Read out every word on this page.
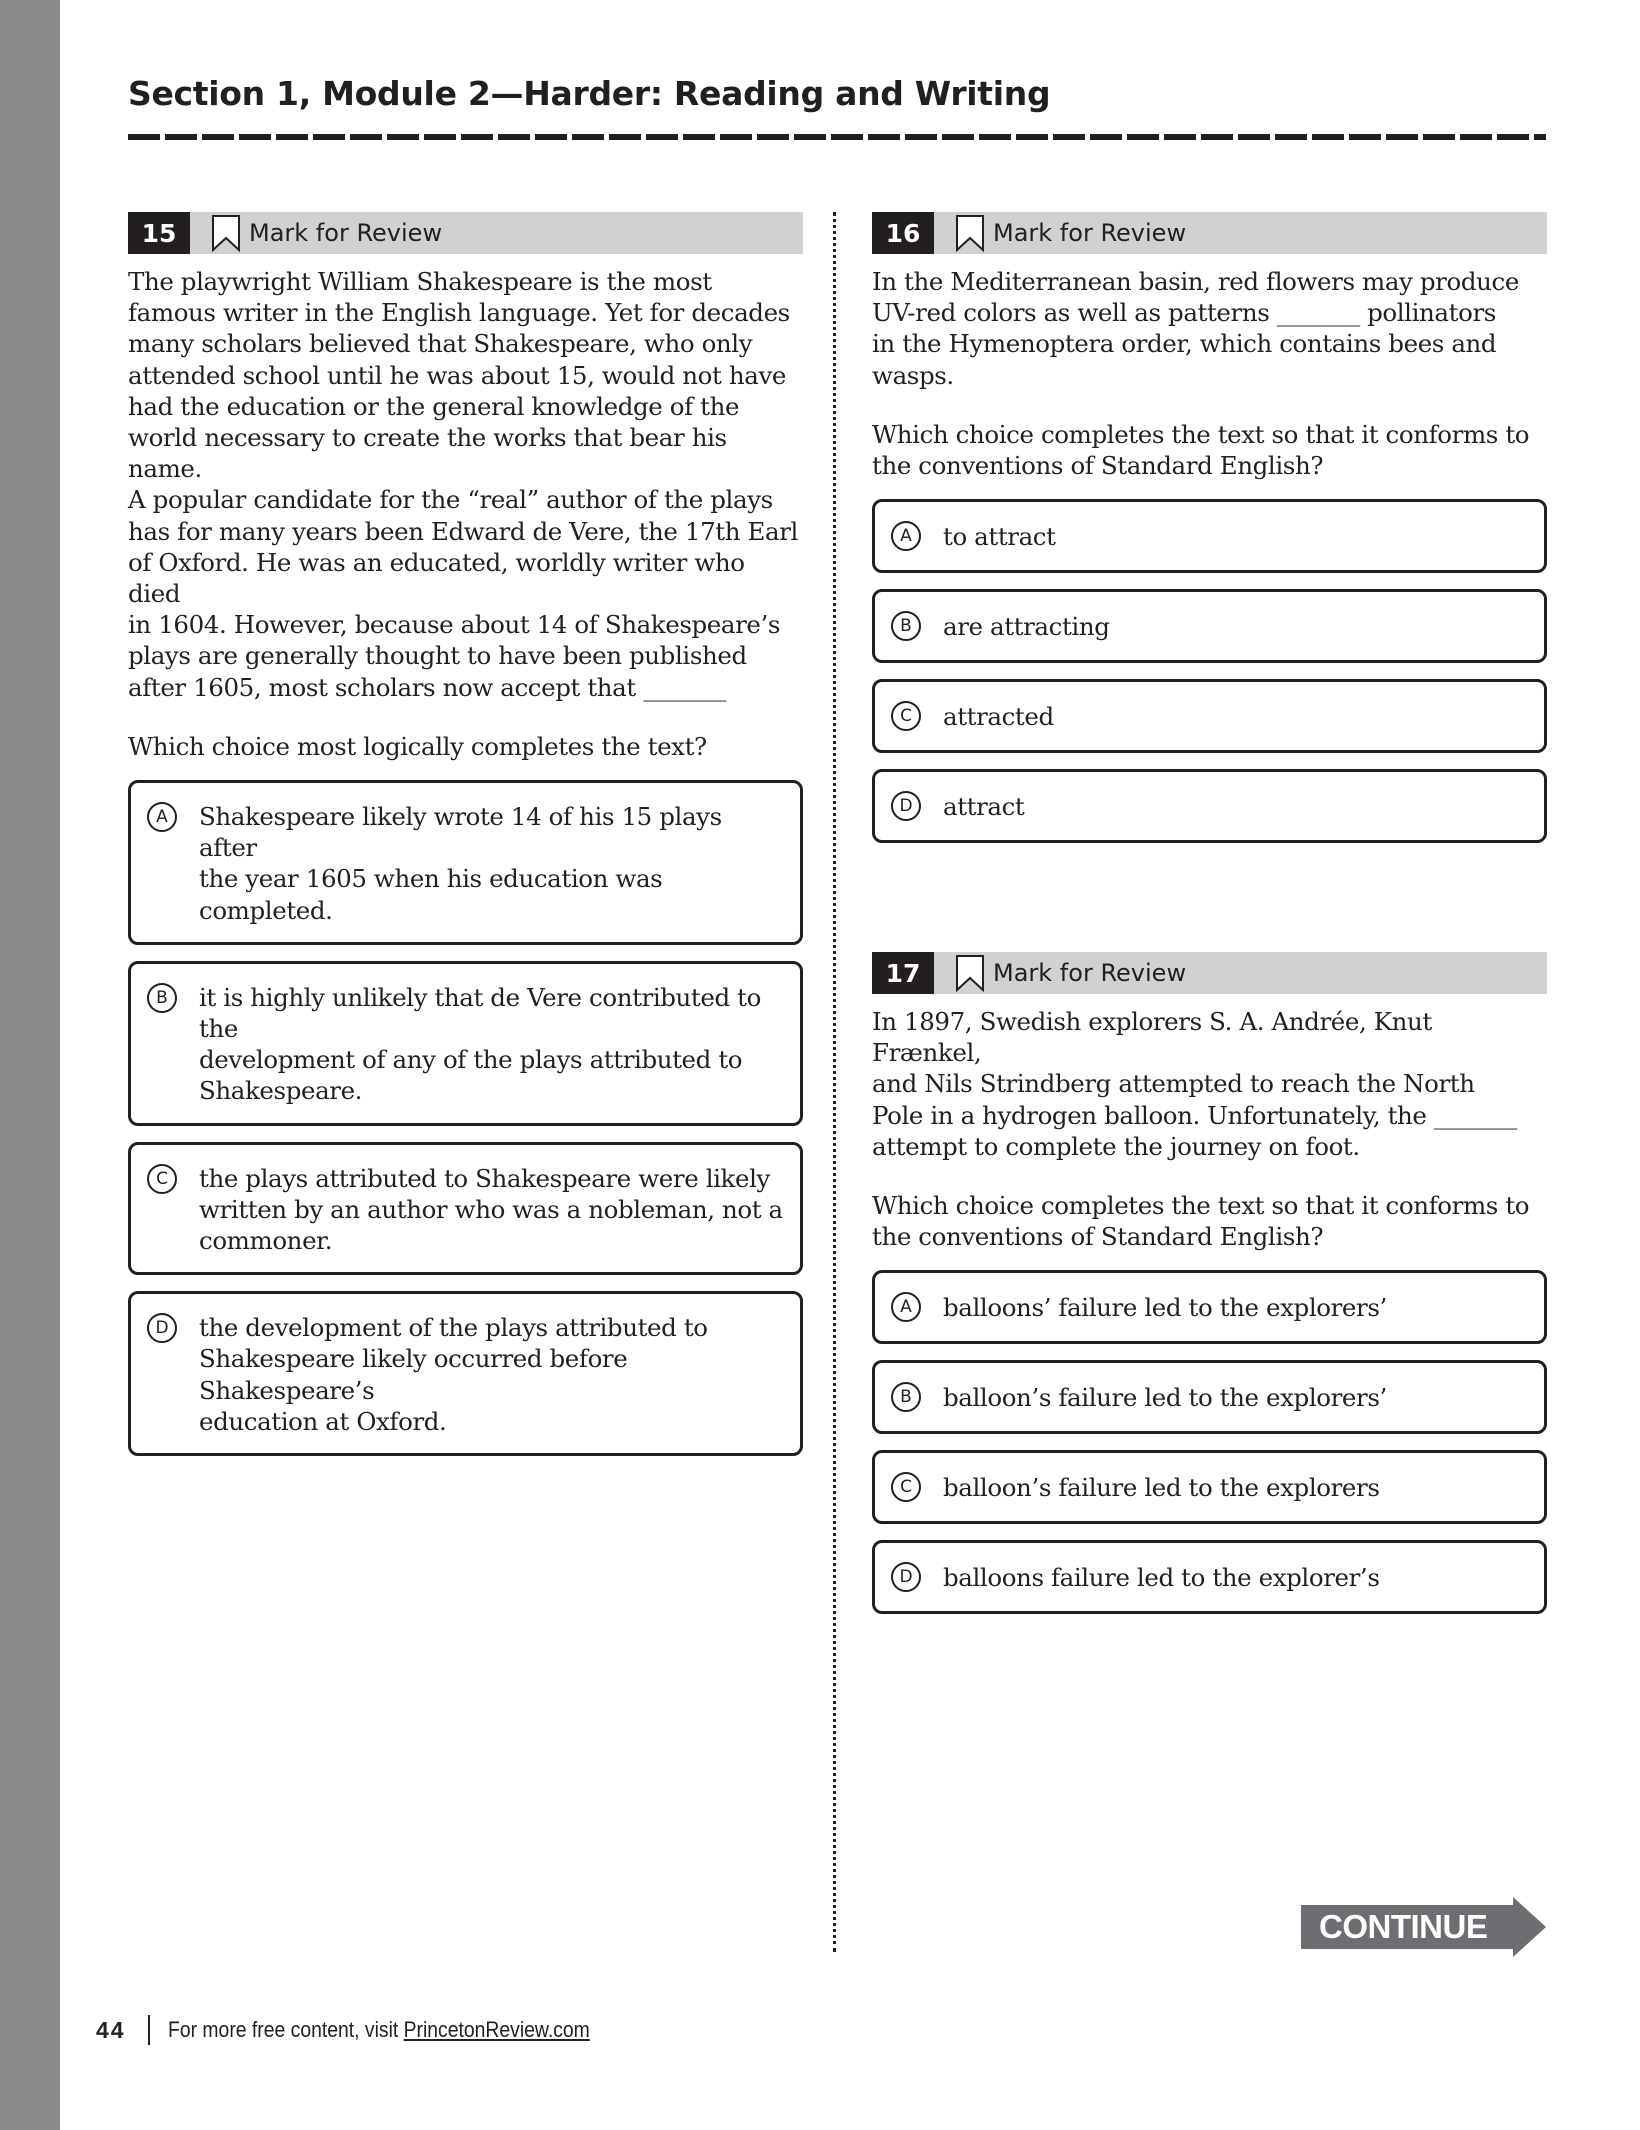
Section 1, Module 2—Harder: Reading and Writing
15	Mark for Review

The playwright William Shakespeare is the most
famous writer in the English language. Yet for decades
many scholars believed that Shakespeare, who only
attended school until he was about 15, would not have
had the education or the general knowledge of the
world necessary to create the works that bear his name.
A popular candidate for the “real” author of the plays
has for many years been Edward de Vere, the 17th Earl
of Oxford. He was an educated, worldly writer who died
in 1604. However, because about 14 of Shakespeare’s
plays are generally thought to have been published
after 1605, most scholars now accept that _______

Which choice most logically completes the text?

A	Shakespeare likely wrote 14 of his 15 plays after
the year 1605 when his education was completed.
B	it is highly unlikely that de Vere contributed to the
development of any of the plays attributed to
Shakespeare.
C	the plays attributed to Shakespeare were likely
written by an author who was a nobleman, not a
commoner.
D	the development of the plays attributed to
Shakespeare likely occurred before Shakespeare’s
education at Oxford.
16	Mark for Review

In the Mediterranean basin, red flowers may produce
UV-red colors as well as patterns _______ pollinators
in the Hymenoptera order, which contains bees and
wasps.

Which choice completes the text so that it conforms to
the conventions of Standard English?

A	to attract
B	are attracting
C	attracted
D	attract
17	Mark for Review

In 1897, Swedish explorers S. A. Andrée, Knut Frænkel,
and Nils Strindberg attempted to reach the North
Pole in a hydrogen balloon. Unfortunately, the _______
attempt to complete the journey on foot.

Which choice completes the text so that it conforms to
the conventions of Standard English?

A	balloons’ failure led to the explorers’
B	balloon’s failure led to the explorers’
C	balloon’s failure led to the explorers
D	balloons failure led to the explorer’s
CONTINUE
44 For more free content, visit PrincetonReview.com
